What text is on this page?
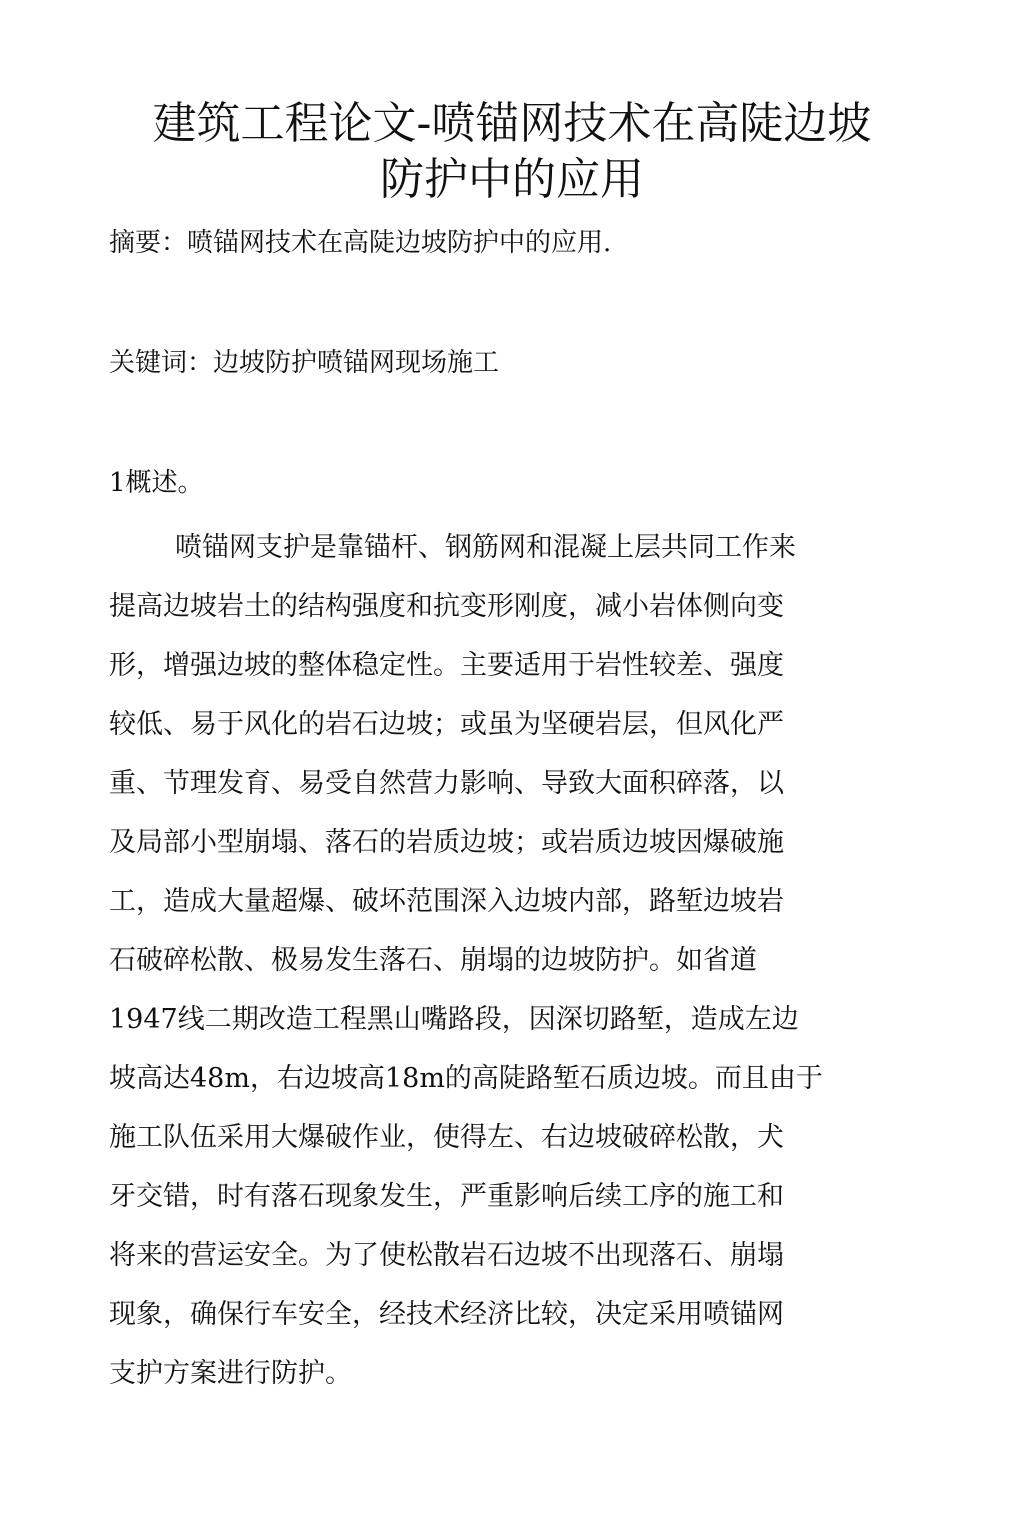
建筑工程论文-喷锚网技术在高陡边坡
防护中的应用
摘要：喷锚网技术在高陡边坡防护中的应用.
关键词：边坡防护喷锚网现场施工
1概述。
喷锚网支护是靠锚杆、钢筋网和混凝上层共同工作来
提高边坡岩土的结构强度和抗变形刚度，减小岩体侧向变
形，增强边坡的整体稳定性。主要适用于岩性较差、强度
较低、易于风化的岩石边坡；或虽为坚硬岩层，但风化严
重、节理发育、易受自然营力影响、导致大面积碎落，以
及局部小型崩塌、落石的岩质边坡；或岩质边坡因爆破施
工，造成大量超爆、破坏范围深入边坡内部，路堑边坡岩
石破碎松散、极易发生落石、崩塌的边坡防护。如省道
1947线二期改造工程黑山嘴路段，因深切路堑，造成左边
坡高达48m，右边坡高18m的高陡路堑石质边坡。而且由于
施工队伍采用大爆破作业，使得左、右边坡破碎松散，犬
牙交错，时有落石现象发生，严重影响后续工序的施工和
将来的营运安全。为了使松散岩石边坡不出现落石、崩塌
现象，确保行车安全，经技术经济比较，决定采用喷锚网
支护方案进行防护。
